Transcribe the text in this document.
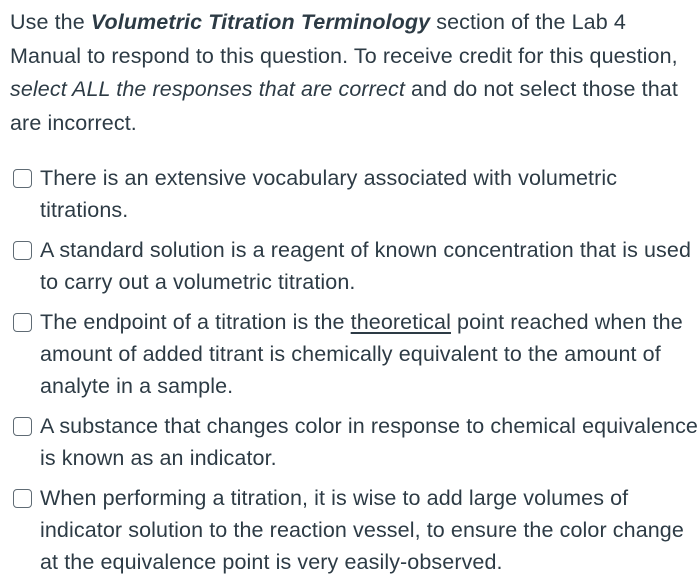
Use the Volumetric Titration Terminology section of the Lab 4 Manual to respond to this question. To receive credit for this question, select ALL the responses that are correct and do not select those that are incorrect.

There is an extensive vocabulary associated with volumetric titrations.
A standard solution is a reagent of known concentration that is used to carry out a volumetric titration.
The endpoint of a titration is the theoretical point reached when the amount of added titrant is chemically equivalent to the amount of analyte in a sample.
A substance that changes color in response to chemical equivalence is known as an indicator.
When performing a titration, it is wise to add large volumes of indicator solution to the reaction vessel, to ensure the color change at the equivalence point is very easily-observed.
